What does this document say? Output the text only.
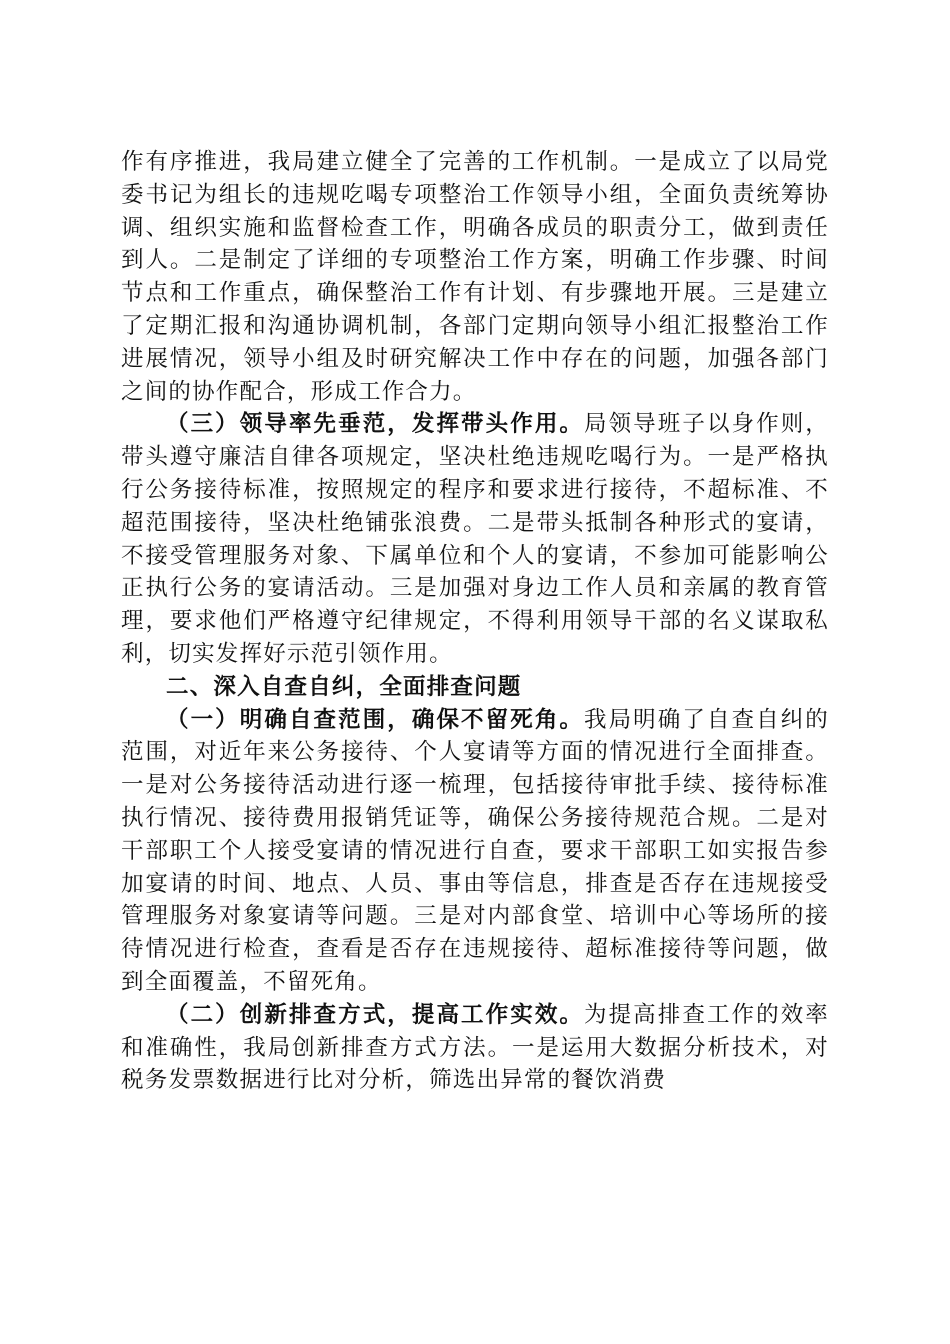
作有序推进，我局建立健全了完善的工作机制。一是成立了以局党委书记为组长的违规吃喝专项整治工作领导小组，全面负责统筹协调、组织实施和监督检查工作，明确各成员的职责分工，做到责任到人。二是制定了详细的专项整治工作方案，明确工作步骤、时间节点和工作重点，确保整治工作有计划、有步骤地开展。三是建立了定期汇报和沟通协调机制，各部门定期向领导小组汇报整治工作进展情况，领导小组及时研究解决工作中存在的问题，加强各部门之间的协作配合，形成工作合力。

（三）领导率先垂范，发挥带头作用。局领导班子以身作则，带头遵守廉洁自律各项规定，坚决杜绝违规吃喝行为。一是严格执行公务接待标准，按照规定的程序和要求进行接待，不超标准、不超范围接待，坚决杜绝铺张浪费。二是带头抵制各种形式的宴请，不接受管理服务对象、下属单位和个人的宴请，不参加可能影响公正执行公务的宴请活动。三是加强对身边工作人员和亲属的教育管理，要求他们严格遵守纪律规定，不得利用领导干部的名义谋取私利，切实发挥好示范引领作用。

二、深入自查自纠，全面排查问题

（一）明确自查范围，确保不留死角。我局明确了自查自纠的范围，对近年来公务接待、个人宴请等方面的情况进行全面排查。一是对公务接待活动进行逐一梳理，包括接待审批手续、接待标准执行情况、接待费用报销凭证等，确保公务接待规范合规。二是对干部职工个人接受宴请的情况进行自查，要求干部职工如实报告参加宴请的时间、地点、人员、事由等信息，排查是否存在违规接受管理服务对象宴请等问题。三是对内部食堂、培训中心等场所的接待情况进行检查，查看是否存在违规接待、超标准接待等问题，做到全面覆盖，不留死角。

（二）创新排查方式，提高工作实效。为提高排查工作的效率和准确性，我局创新排查方式方法。一是运用大数据分析技术，对税务发票数据进行比对分析，筛选出异常的餐饮消费
